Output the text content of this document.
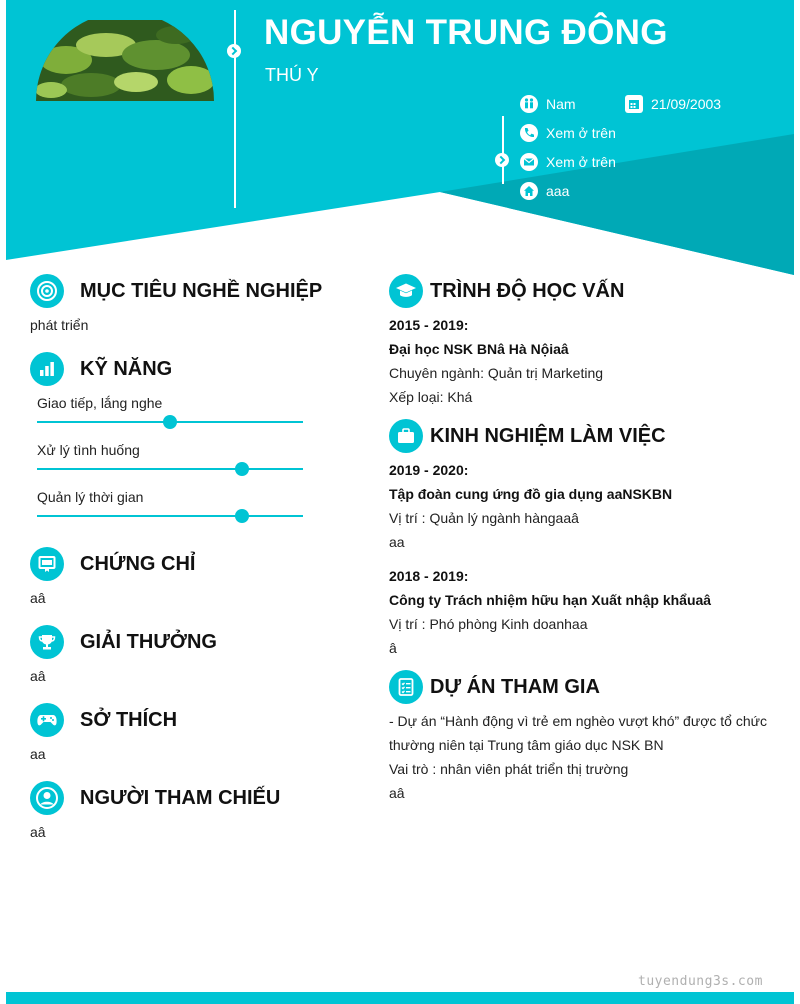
NGUYỄN TRUNG ĐÔNG
THÚ Y
Nam	21/09/2003
Xem ở trên
Xem ở trên
aaa
MỤC TIÊU NGHỀ NGHIỆP
phát triển
KỸ NĂNG
Giao tiếp, lắng nghe
Xử lý tình huống
Quản lý thời gian
CHỨNG CHỈ
aâ
GIẢI THƯỞNG
aâ
SỞ THÍCH
aa
NGƯỜI THAM CHIẾU
aâ
TRÌNH ĐỘ HỌC VẤN
2015 - 2019:
Đại học NSK BNâ Hà Nộiaâ
Chuyên ngành: Quản trị Marketing
Xếp loại: Khá
KINH NGHIỆM LÀM VIỆC
2019 - 2020:
Tập đoàn cung ứng đồ gia dụng aaNSKBN
Vị trí : Quản lý ngành hàngaaâ
aa
2018 - 2019:
Công ty Trách nhiệm hữu hạn Xuất nhập khẩuaâ
Vị trí : Phó phòng Kinh doanhaa
â
DỰ ÁN THAM GIA
- Dự án “Hành động vì trẻ em nghèo vượt khó” được tổ chức
thường niên tại Trung tâm giáo dục NSK BN
Vai trò : nhân viên phát triển thị trường
aâ
tuyendung3s.com
